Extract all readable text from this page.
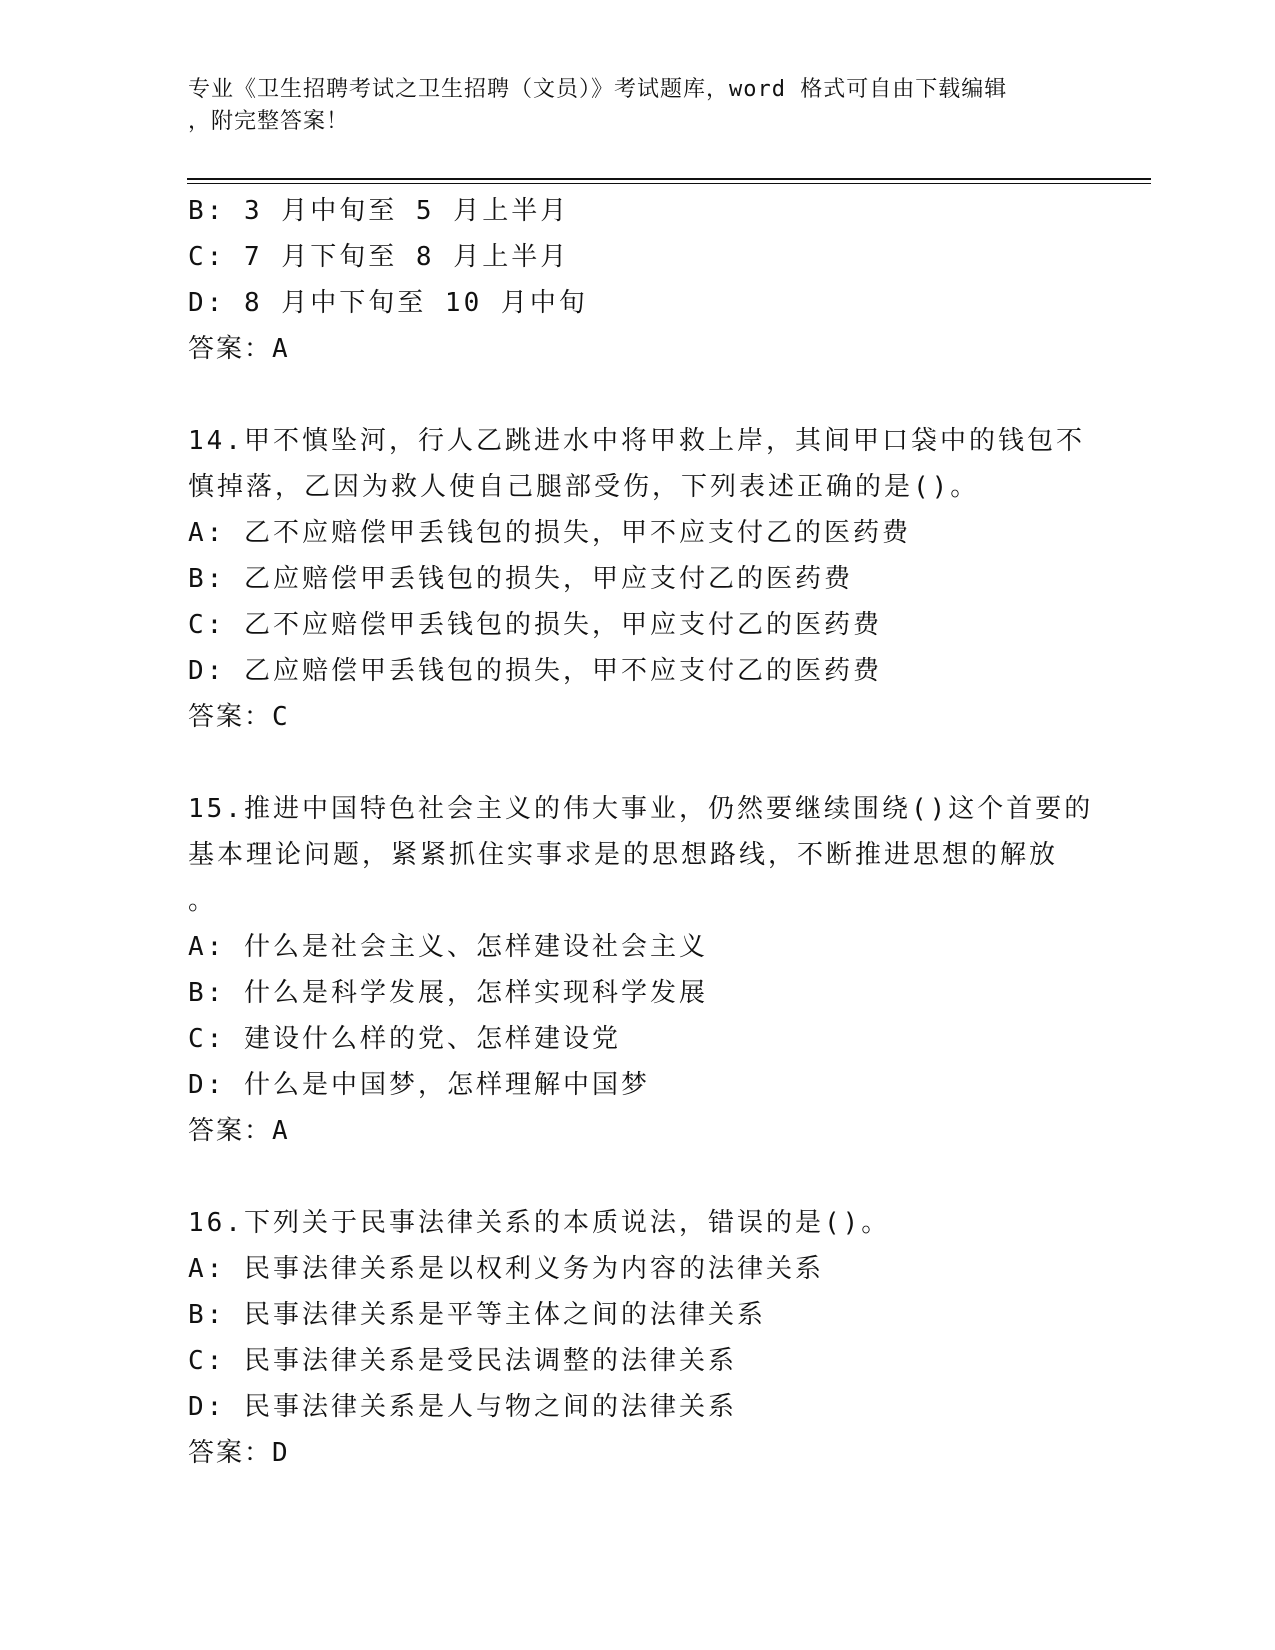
专业《卫生招聘考试之卫生招聘（文员）》考试题库，word 格式可自由下载编辑
，附完整答案！
B: 3 月中旬至 5 月上半月
C: 7 月下旬至 8 月上半月
D: 8 月中下旬至 10 月中旬
答案：A
14.甲不慎坠河，行人乙跳进水中将甲救上岸，其间甲口袋中的钱包不
慎掉落，乙因为救人使自己腿部受伤，下列表述正确的是()。
A: 乙不应赔偿甲丢钱包的损失，甲不应支付乙的医药费
B: 乙应赔偿甲丢钱包的损失，甲应支付乙的医药费
C: 乙不应赔偿甲丢钱包的损失，甲应支付乙的医药费
D: 乙应赔偿甲丢钱包的损失，甲不应支付乙的医药费
答案：C
15.推进中国特色社会主义的伟大事业，仍然要继续围绕()这个首要的
基本理论问题，紧紧抓住实事求是的思想路线，不断推进思想的解放
。
A: 什么是社会主义、怎样建设社会主义
B: 什么是科学发展，怎样实现科学发展
C: 建设什么样的党、怎样建设党
D: 什么是中国梦，怎样理解中国梦
答案：A
16.下列关于民事法律关系的本质说法，错误的是()。
A: 民事法律关系是以权利义务为内容的法律关系
B: 民事法律关系是平等主体之间的法律关系
C: 民事法律关系是受民法调整的法律关系
D: 民事法律关系是人与物之间的法律关系
答案：D
